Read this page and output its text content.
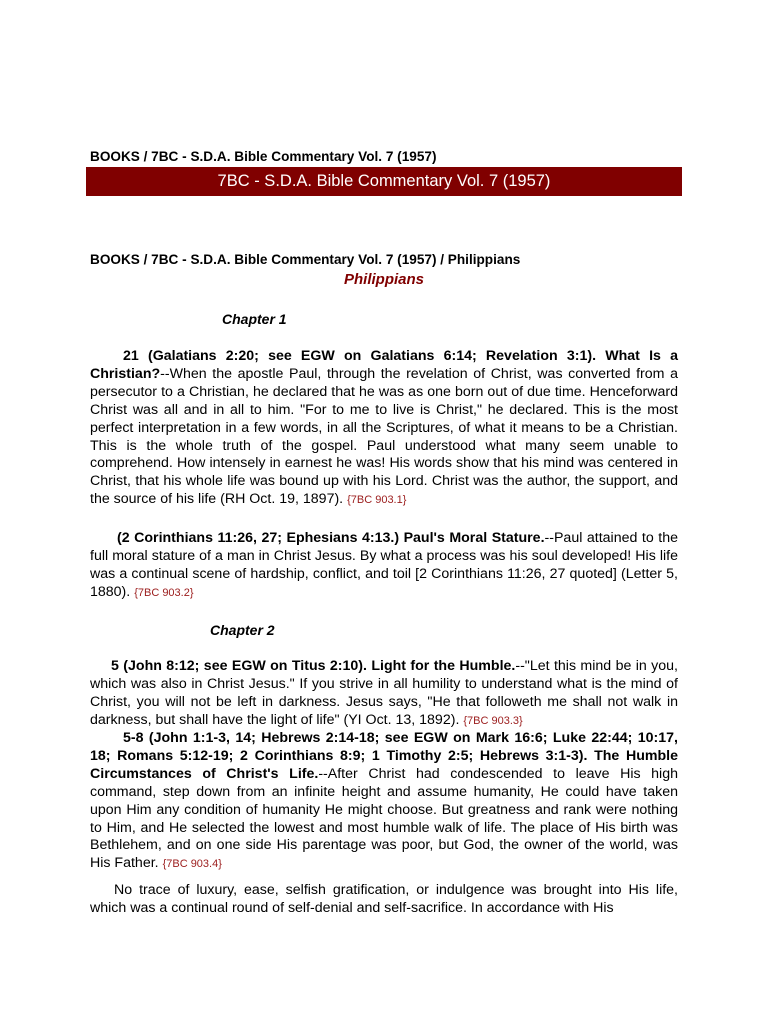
BOOKS / 7BC - S.D.A. Bible Commentary Vol. 7 (1957)
7BC - S.D.A. Bible Commentary Vol. 7 (1957)
BOOKS / 7BC - S.D.A. Bible Commentary Vol. 7 (1957) / Philippians
Philippians
Chapter 1
21 (Galatians 2:20; see EGW on Galatians 6:14; Revelation 3:1). What Is a Christian?--When the apostle Paul, through the revelation of Christ, was converted from a persecutor to a Christian, he declared that he was as one born out of due time. Henceforward Christ was all and in all to him. "For to me to live is Christ," he declared. This is the most perfect interpretation in a few words, in all the Scriptures, of what it means to be a Christian. This is the whole truth of the gospel. Paul understood what many seem unable to comprehend. How intensely in earnest he was! His words show that his mind was centered in Christ, that his whole life was bound up with his Lord. Christ was the author, the support, and the source of his life (RH Oct. 19, 1897). {7BC 903.1}
(2 Corinthians 11:26, 27; Ephesians 4:13.) Paul's Moral Stature.--Paul attained to the full moral stature of a man in Christ Jesus. By what a process was his soul developed! His life was a continual scene of hardship, conflict, and toil [2 Corinthians 11:26, 27 quoted] (Letter 5, 1880). {7BC 903.2}
Chapter 2
5 (John 8:12; see EGW on Titus 2:10). Light for the Humble.--"Let this mind be in you, which was also in Christ Jesus." If you strive in all humility to understand what is the mind of Christ, you will not be left in darkness. Jesus says, "He that followeth me shall not walk in darkness, but shall have the light of life" (YI Oct. 13, 1892). {7BC 903.3}
5-8 (John 1:1-3, 14; Hebrews 2:14-18; see EGW on Mark 16:6; Luke 22:44; 10:17, 18; Romans 5:12-19; 2 Corinthians 8:9; 1 Timothy 2:5; Hebrews 3:1-3). The Humble Circumstances of Christ's Life.--After Christ had condescended to leave His high command, step down from an infinite height and assume humanity, He could have taken upon Him any condition of humanity He might choose. But greatness and rank were nothing to Him, and He selected the lowest and most humble walk of life. The place of His birth was Bethlehem, and on one side His parentage was poor, but God, the owner of the world, was His Father. {7BC 903.4}
No trace of luxury, ease, selfish gratification, or indulgence was brought into His life, which was a continual round of self-denial and self-sacrifice. In accordance with His
